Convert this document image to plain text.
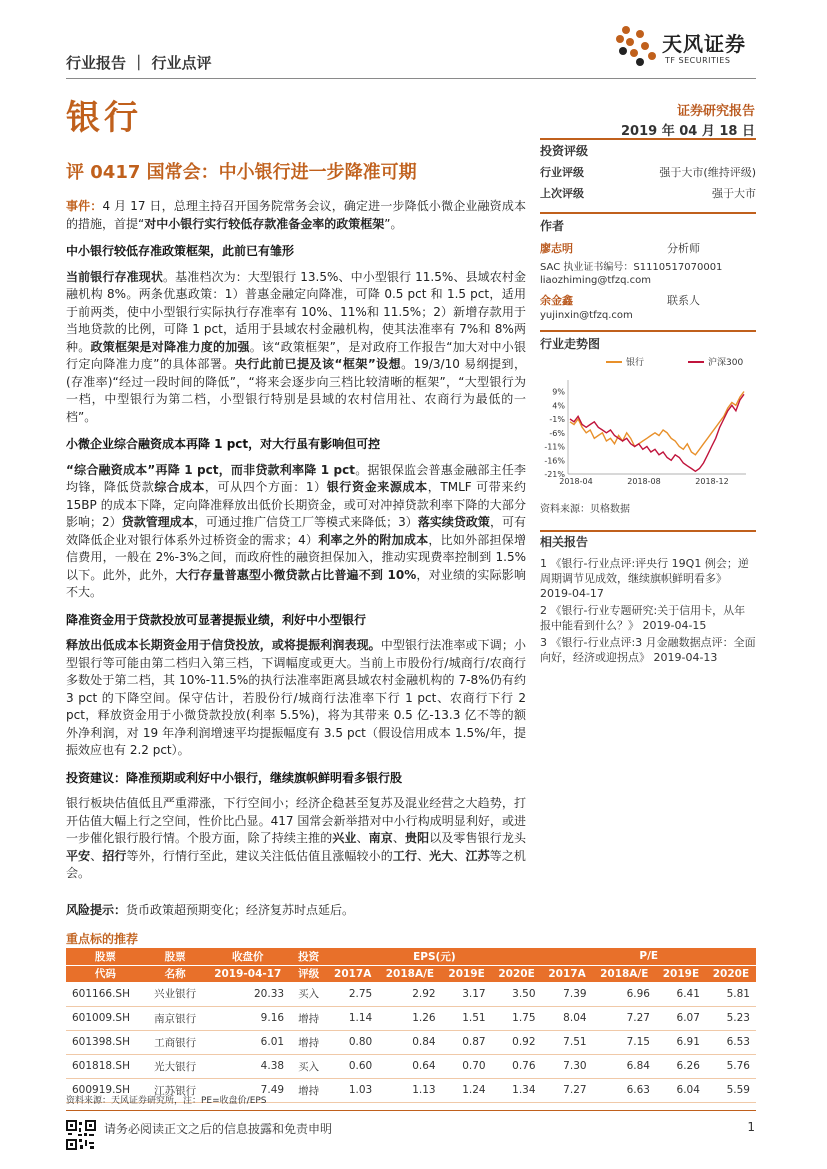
行业报告 ｜ 行业点评
天风证券
TF SECURITIES
银行	证券研究报告
2019 年 04 月 18 日
评 0417 国常会：中小银行进一步降准可期

事件：4 月 17 日，总理主持召开国务院常务会议，确定进一步降低小微企业融资成本的措施，首提“对中小银行实行较低存款准备金率的政策框架”。

中小银行较低存准政策框架，此前已有雏形

当前银行存准现状。基准档次为：大型银行 13.5%、中小型银行 11.5%、县域农村金融机构 8%。两条优惠政策：1）普惠金融定向降准，可降 0.5 pct 和 1.5 pct，适用于前两类，使中小型银行实际执行存准率有 10%、11%和 11.5%；2）新增存款用于当地贷款的比例，可降 1 pct，适用于县域农村金融机构，使其法准率有 7%和 8%两种。政策框架是对降准力度的加强。该“政策框架”，是对政府工作报告“加大对中小银行定向降准力度”的具体部署。央行此前已提及该“框架”设想。19/3/10 易纲提到，(存准率)“经过一段时间的降低”，“将来会逐步向三档比较清晰的框架”，“大型银行为一档，中型银行为第二档，小型银行特别是县域的农村信用社、农商行为最低的一档”。

小微企业综合融资成本再降 1 pct，对大行虽有影响但可控

“综合融资成本”再降 1 pct，而非贷款利率降 1 pct。据银保监会普惠金融部主任李均锋，降低贷款综合成本，可从四个方面：1）银行资金来源成本，TMLF 可带来约 15BP 的成本下降，定向降准释放出低价长期资金，或可对冲掉贷款利率下降的大部分影响；2）贷款管理成本，可通过推广信贷工厂等模式来降低；3）落实续贷政策，可有效降低企业对银行体系外过桥资金的需求；4）利率之外的附加成本，比如外部担保增信费用，一般在 2%-3%之间，而政府性的融资担保加入，推动实现费率控制到 1.5%以下。此外，此外，大行存量普惠型小微贷款占比普遍不到 10%，对业绩的实际影响不大。

降准资金用于贷款投放可显著提振业绩，利好中小型银行

释放出低成本长期资金用于信贷投放，或将提振利润表现。中型银行法准率或下调；小型银行等可能由第二档归入第三档，下调幅度或更大。当前上市股份行/城商行/农商行多数处于第二档，其 10%-11.5%的执行法准率距离县域农村金融机构的 7-8%仍有约 3 pct 的下降空间。保守估计，若股份行/城商行法准率下行 1 pct、农商行下行 2 pct，释放资金用于小微贷款投放(利率 5.5%)，将为其带来 0.5 亿-13.3 亿不等的额外净利润，对 19 年净利润增速平均提振幅度有 3.5 pct（假设信用成本 1.5%/年，提振效应也有 2.2 pct）。

投资建议：降准预期或利好中小银行，继续旗帜鲜明看多银行股

银行板块估值低且严重滞涨，下行空间小；经济企稳甚至复苏及混业经营之大趋势，打开估值大幅上行之空间，性价比凸显。417 国常会新举措对中小行构成明显利好，或进一步催化银行股行情。个股方面，除了持续主推的兴业、南京、贵阳以及零售银行龙头平安、招行等外，行情行至此，建议关注低估值且涨幅较小的工行、光大、江苏等之机会。

投资评级
行业评级	强于大市(维持评级)
上次评级	强于大市
作者
廖志明	分析师
SAC 执业证书编号：S1110517070001
liaozhiming@tfzq.com
余金鑫	联系人
yujinxin@tfzq.com
行业走势图
银行	沪深300
9%
4%
-1%
-6%
-11%
-16%
-21%
2018-04	2018-08	2018-12
资料来源：贝格数据
相关报告
1 《银行-行业点评:评央行 19Q1 例会；逆周期调节见成效，继续旗帜鲜明看多》 2019-04-17
2 《银行-行业专题研究:关于信用卡，从年报中能看到什么？》 2019-04-15
3 《银行-行业点评:3 月金融数据点评：全面向好，经济或迎拐点》 2019-04-13
风险提示：货币政策超预期变化；经济复苏时点延后。
重点标的推荐
股票	股票	收盘价	投资	EPS(元)				P/E			
代码	名称	2019-04-17	评级	2017A	2018A/E	2019E	2020E	2017A	2018A/E	2019E	2020E
601166.SH	兴业银行	20.33	买入	2.75	2.92	3.17	3.50	7.39	6.96	6.41	5.81
601009.SH	南京银行	9.16	增持	1.14	1.26	1.51	1.75	8.04	7.27	6.07	5.23
601398.SH	工商银行	6.01	增持	0.80	0.84	0.87	0.92	7.51	7.15	6.91	6.53
601818.SH	光大银行	4.38	买入	0.60	0.64	0.70	0.76	7.30	6.84	6.26	5.76
600919.SH	江苏银行	7.49	增持	1.03	1.13	1.24	1.34	7.27	6.63	6.04	5.59
资料来源：天风证券研究所，注：PE=收盘价/EPS
请务必阅读正文之后的信息披露和免责申明	1
